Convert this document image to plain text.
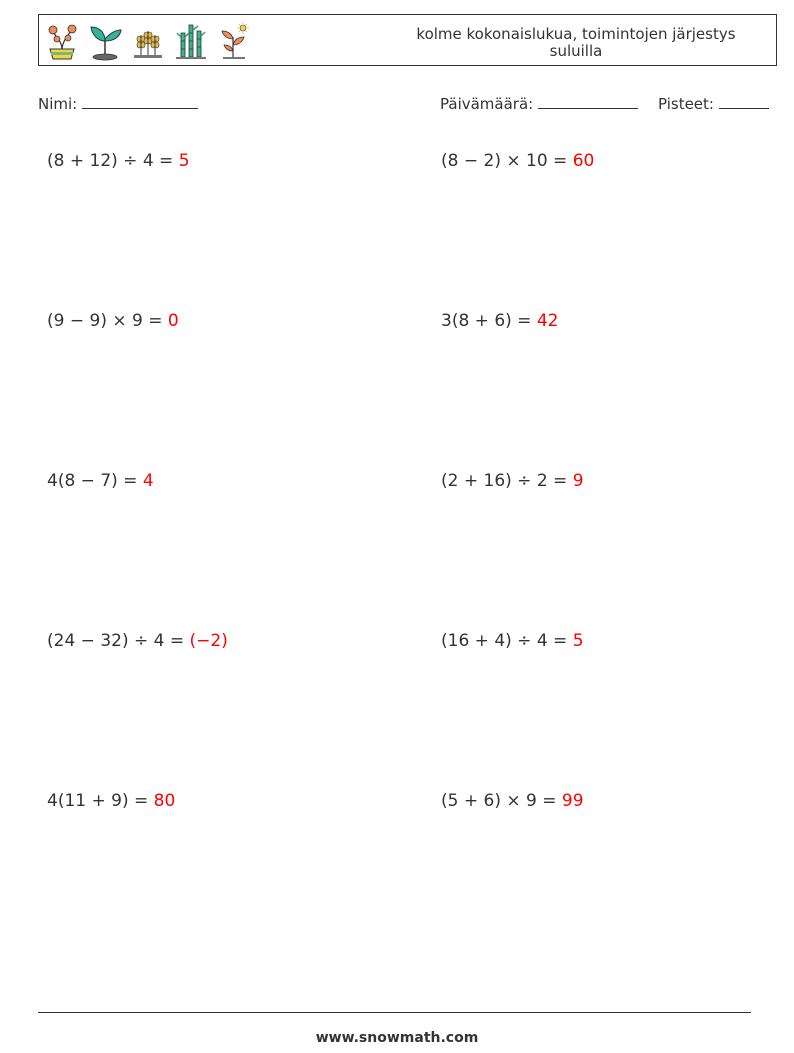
kolme kokonaislukua, toimintojen järjestys
suluilla
Nimi:	Päivämäärä:	Pisteet:
(8 + 12) ÷ 4 = 5	(8 − 2) × 10 = 60
(9 − 9) × 9 = 0	3(8 + 6) = 42
4(8 − 7) = 4	(2 + 16) ÷ 2 = 9
(24 − 32) ÷ 4 = (−2)	(16 + 4) ÷ 4 = 5
4(11 + 9) = 80	(5 + 6) × 9 = 99
www.snowmath.com
